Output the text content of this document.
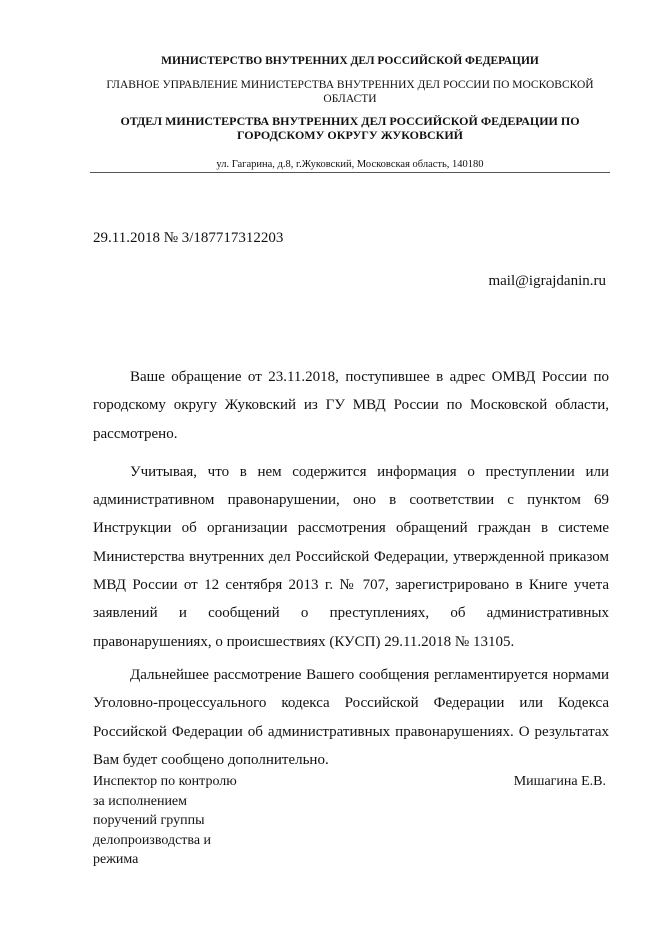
МИНИСТЕРСТВО ВНУТРЕННИХ ДЕЛ РОССИЙСКОЙ ФЕДЕРАЦИИ
ГЛАВНОЕ УПРАВЛЕНИЕ МИНИСТЕРСТВА ВНУТРЕННИХ ДЕЛ РОССИИ ПО МОСКОВСКОЙ ОБЛАСТИ
ОТДЕЛ МИНИСТЕРСТВА ВНУТРЕННИХ ДЕЛ РОССИЙСКОЙ ФЕДЕРАЦИИ ПО ГОРОДСКОМУ ОКРУГУ ЖУКОВСКИЙ
ул. Гагарина, д.8, г.Жуковский, Московская область, 140180
29.11.2018 № 3/187717312203
mail@igrajdanin.ru

Ваше обращение от 23.11.2018, поступившее в адрес ОМВД России по городскому округу Жуковский из ГУ МВД России по Московской области, рассмотрено.

Учитывая, что в нем содержится информация о преступлении или административном правонарушении, оно в соответствии с пунктом 69 Инструкции об организации рассмотрения обращений граждан в системе Министерства внутренних дел Российской Федерации, утвержденной приказом МВД России от 12 сентября 2013 г. № 707, зарегистрировано в Книге учета заявлений и сообщений о преступлениях, об административных правонарушениях, о происшествиях (КУСП) 29.11.2018 № 13105.

Дальнейшее рассмотрение Вашего сообщения регламентируется нормами Уголовно-процессуального кодекса Российской Федерации или Кодекса Российской Федерации об административных правонарушениях. О результатах Вам будет сообщено дополнительно.

Инспектор по контролю
за исполнением
поручений группы
делопроизводства и
режима
Мишагина Е.В.
